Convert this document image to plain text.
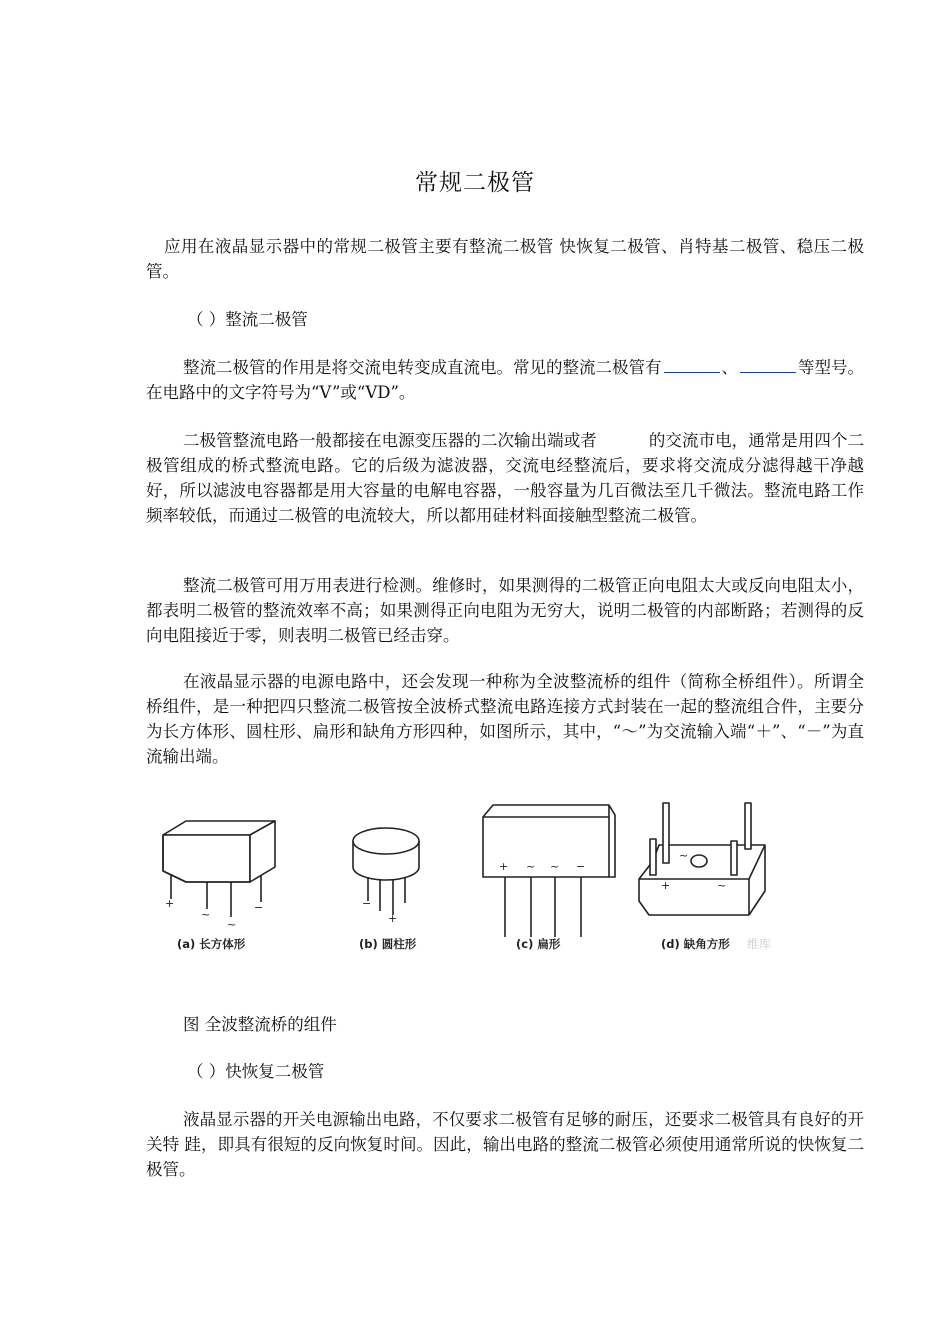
常规二极管
应用在液晶显示器中的常规二极管主要有整流二极管 快恢复二极管、肖特基二极管、稳压二极管。
（ ）整流二极管
整流二极管的作用是将交流电转变成直流电。常见的整流二极管有	、	等型号。在电路中的文字符号为“V”或“VD”。
二极管整流电路一般都接在电源变压器的二次输出端或者	的交流市电，通常是用四个二极管组成的桥式整流电路。它的后级为滤波器，交流电经整流后，要求将交流成分滤得越干净越好，所以滤波电容器都是用大容量的电解电容器，一般容量为几百微法至几千微法。整流电路工作频率较低，而通过二极管的电流较大，所以都用硅材料面接触型整流二极管。
整流二极管可用万用表进行检测。维修时，如果测得的二极管正向电阻太大或反向电阻太小，都表明二极管的整流效率不高；如果测得正向电阻为无穷大，说明二极管的内部断路；若测得的反向电阻接近于零，则表明二极管已经击穿。
在液晶显示器的电源电路中，还会发现一种称为全波整流桥的组件（简称全桥组件）。所谓全桥组件，是一种把四只整流二极管按全波桥式整流电路连接方式封装在一起的整流组合件，主要分为长方体形、圆柱形、扁形和缺角方形四种，如图所示，其中，“～”为交流输入端“＋”、“－”为直流输出端。
+
~
~
−	−
+
+ ~ ~ −
+
~
~
(a) 长方体形	(b) 圆柱形	(c) 扁形	(d) 缺角方形 维库
图 全波整流桥的组件
（ ）快恢复二极管
液晶显示器的开关电源输出电路，不仅要求二极管有足够的耐压，还要求二极管具有良好的开关特 跬，即具有很短的反向恢复时间。因此，输出电路的整流二极管必须使用通常所说的快恢复二极管。
